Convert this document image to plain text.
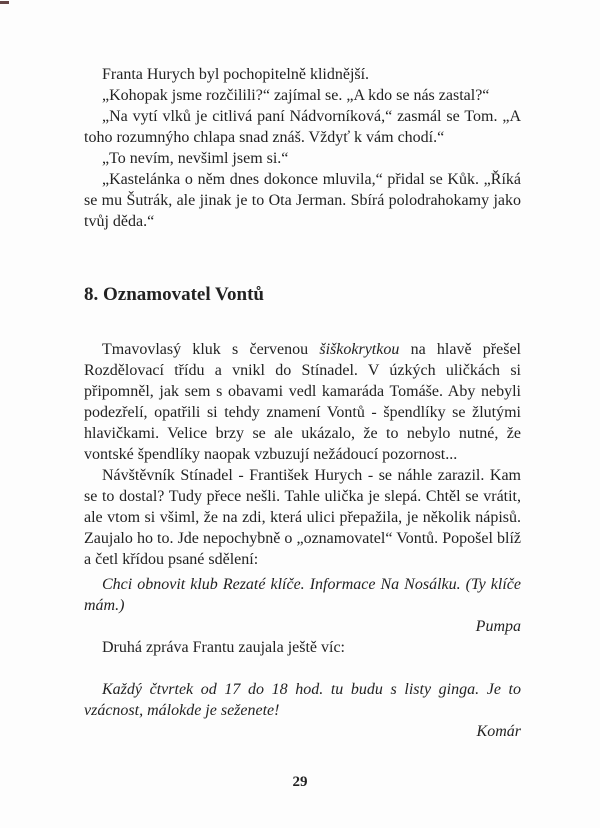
Franta Hurych byl pochopitelně klidnější.

„Kohopak jsme rozčilili?“ zajímal se. „A kdo se nás zastal?“

„Na vytí vlků je citlivá paní Nádvorníková,“ zasmál se Tom. „A toho rozumnýho chlapa snad znáš. Vždyť k vám chodí.“

„To nevím, nevšiml jsem si.“

„Kastelánka o něm dnes dokonce mluvila,“ přidal se Kůk. „Říká se mu Šutrák, ale jinak je to Ota Jerman. Sbírá polodrahokamy jako tvůj děda.“

8. Oznamovatel Vontů

Tmavovlasý kluk s červenou šiškokrytkou na hlavě přešel Rozdělovací třídu a vnikl do Stínadel. V úzkých uličkách si připomněl, jak sem s obavami vedl kamaráda Tomáše. Aby nebyli podezřelí, opatřili si tehdy znamení Vontů - špendlíky se žlutými hlavičkami. Velice brzy se ale ukázalo, že to nebylo nutné, že vontské špendlíky naopak vzbuzují nežádoucí pozornost...

Návštěvník Stínadel - František Hurych - se náhle zarazil. Kam se to dostal? Tudy přece nešli. Tahle ulička je slepá. Chtěl se vrátit, ale vtom si všiml, že na zdi, která ulici přepažila, je několik nápisů. Zaujalo ho to. Jde nepochybně o „oznamovatel“ Vontů. Popošel blíž a četl křídou psané sdělení:

Chci obnovit klub Rezaté klíče. Informace Na Nosálku. (Ty klíče mám.)

Pumpa

Druhá zpráva Frantu zaujala ještě víc:

Každý čtvrtek od 17 do 18 hod. tu budu s listy ginga. Je to vzácnost, málokde je seženete!

Komár

29
